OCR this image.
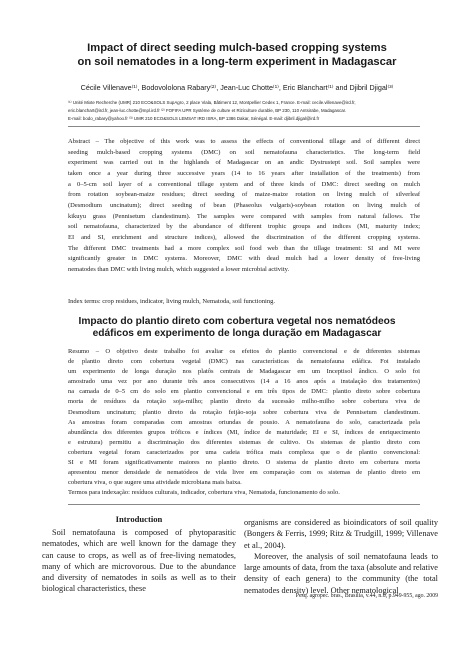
Impact of direct seeding mulch-based cropping systems
on soil nematodes in a long-term experiment in Madagascar
Cécile Villenave⁽¹⁾, Bodovololona Rabary⁽²⁾, Jean-Luc Chotte⁽¹⁾, Eric Blanchart⁽¹⁾ and Djibril Djigal⁽³⁾
⁽¹⁾ Unité Mixte Recherche (UMR) 210 ECO&SOLS SupAgro, 2 place Viala, Bâtiment 12, Montpellier Cedex 1, France. E-mail: cecile.villenave@ird.fr,
eric.blanchart@ird.fr, jean-luc.chotte@mpl.ird.fr ⁽²⁾ FOFIFA UPR Système de culture et Riziculture durable, BP 230, 110 Antsirabe, Madagascar.
E-mail: bodo_rabary@yahoo.fr ⁽³⁾ UMR 210 ECO&SOLS LEMSAT IRD ISRA, BP 1386 Dakar, Sénégal. E-mail: djibril.djigal@ird.fr
Abstract – The objective of this work was to assess the effects of conventional tillage and of different direct
seeding mulch-based cropping systems (DMC) on soil nematofauna characteristics. The long-term field
experiment was carried out in the highlands of Madagascar on an andic Dystrustept soil. Soil samples were
taken once a year during three successive years (14 to 16 years after installation of the treatments) from
a 0–5-cm soil layer of a conventional tillage system and of three kinds of DMC: direct seeding on mulch
from rotation soybean-maize residues; direct seeding of maize-maize rotation on living mulch of silverleaf
(Desmodium uncinatum); direct seeding of bean (Phaseolus vulgaris)-soybean rotation on living mulch of
kikuyu grass (Pennisetum clandestinum). The samples were compared with samples from natural fallows. The
soil nematofauna, characterized by the abundance of different trophic groups and indices (MI, maturity index;
EI and SI, enrichment and structure indices), allowed the discrimination of the different cropping systems.
The different DMC treatments had a more complex soil food web than the tillage treatment: SI and MI were
significantly greater in DMC systems. Moreover, DMC with dead mulch had a lower density of free-living
nematodes than DMC with living mulch, which suggested a lower microbial activity.
Index terms: crop residues, indicator, living mulch, Nematoda, soil functioning.
Impacto do plantio direto com cobertura vegetal nos nematódeos
edáficos em experimento de longa duração em Madagascar
Resumo – O objetivo deste trabalho foi avaliar os efeitos do plantio convencional e de diferentes sistemas
de plantio direto com cobertura vegetal (DMC) nas características da nematofauna edáfica. Foi instalado
um experimento de longa duração nos platôs centrais de Madagascar em um Inceptisol ândico. O solo foi
amostrado uma vez por ano durante três anos consecutivos (14 a 16 anos após a instalação dos tratamentos)
na camada de 0–5 cm do solo em plantio convencional e em três tipos de DMC: plantio direto sobre cobertura
morta de resíduos da rotação soja-milho; plantio direto da sucessão milho-milho sobre cobertura viva de
Desmodium uncinatum; plantio direto da rotação feijão-soja sobre cobertura viva de Pennisetum clandestinum.
As amostras foram comparadas com amostras oriundas de pousio. A nematofauna do solo, caracterizada pela
abundância dos diferentes grupos tróficos e índices (MI, índice de maturidade; EI e SI, índices de enriquecimento
e estrutura) permitiu a discriminação dos diferentes sistemas de cultivo. Os sistemas de plantio direto com
cobertura vegetal foram caracterizados por uma cadeia trófica mais complexa que o de plantio convencional:
SI e MI foram significativamente maiores no plantio direto. O sistema de plantio direto em cobertura morta
apresentou menor densidade de nematódeos de vida livre em comparação com os sistemas de plantio direto em
cobertura viva, o que sugere uma atividade microbiana mais baixa.
Termos para indexação: resíduos culturais, indicador, cobertura viva, Nematoda, funcionamento do solo.
Introduction

Soil nematofauna is composed of phytoparasitic nematodes, which are well known for the damage they can cause to crops, as well as of free-living nematodes, many of which are microvorous. Due to the abundance and diversity of nematodes in soils as well as to their biological characteristics, these

organisms are considered as bioindicators of soil quality (Bongers & Ferris, 1999; Ritz & Trudgill, 1999; Villenave et al., 2004).

Moreover, the analysis of soil nematofauna leads to large amounts of data, from the taxa (absolute and relative density of each genera) to the community (the total nematodes density) level. Other nematological

Pesq. agropec. bras., Brasília, v.44, n.8, p.949-955, ago. 2009
